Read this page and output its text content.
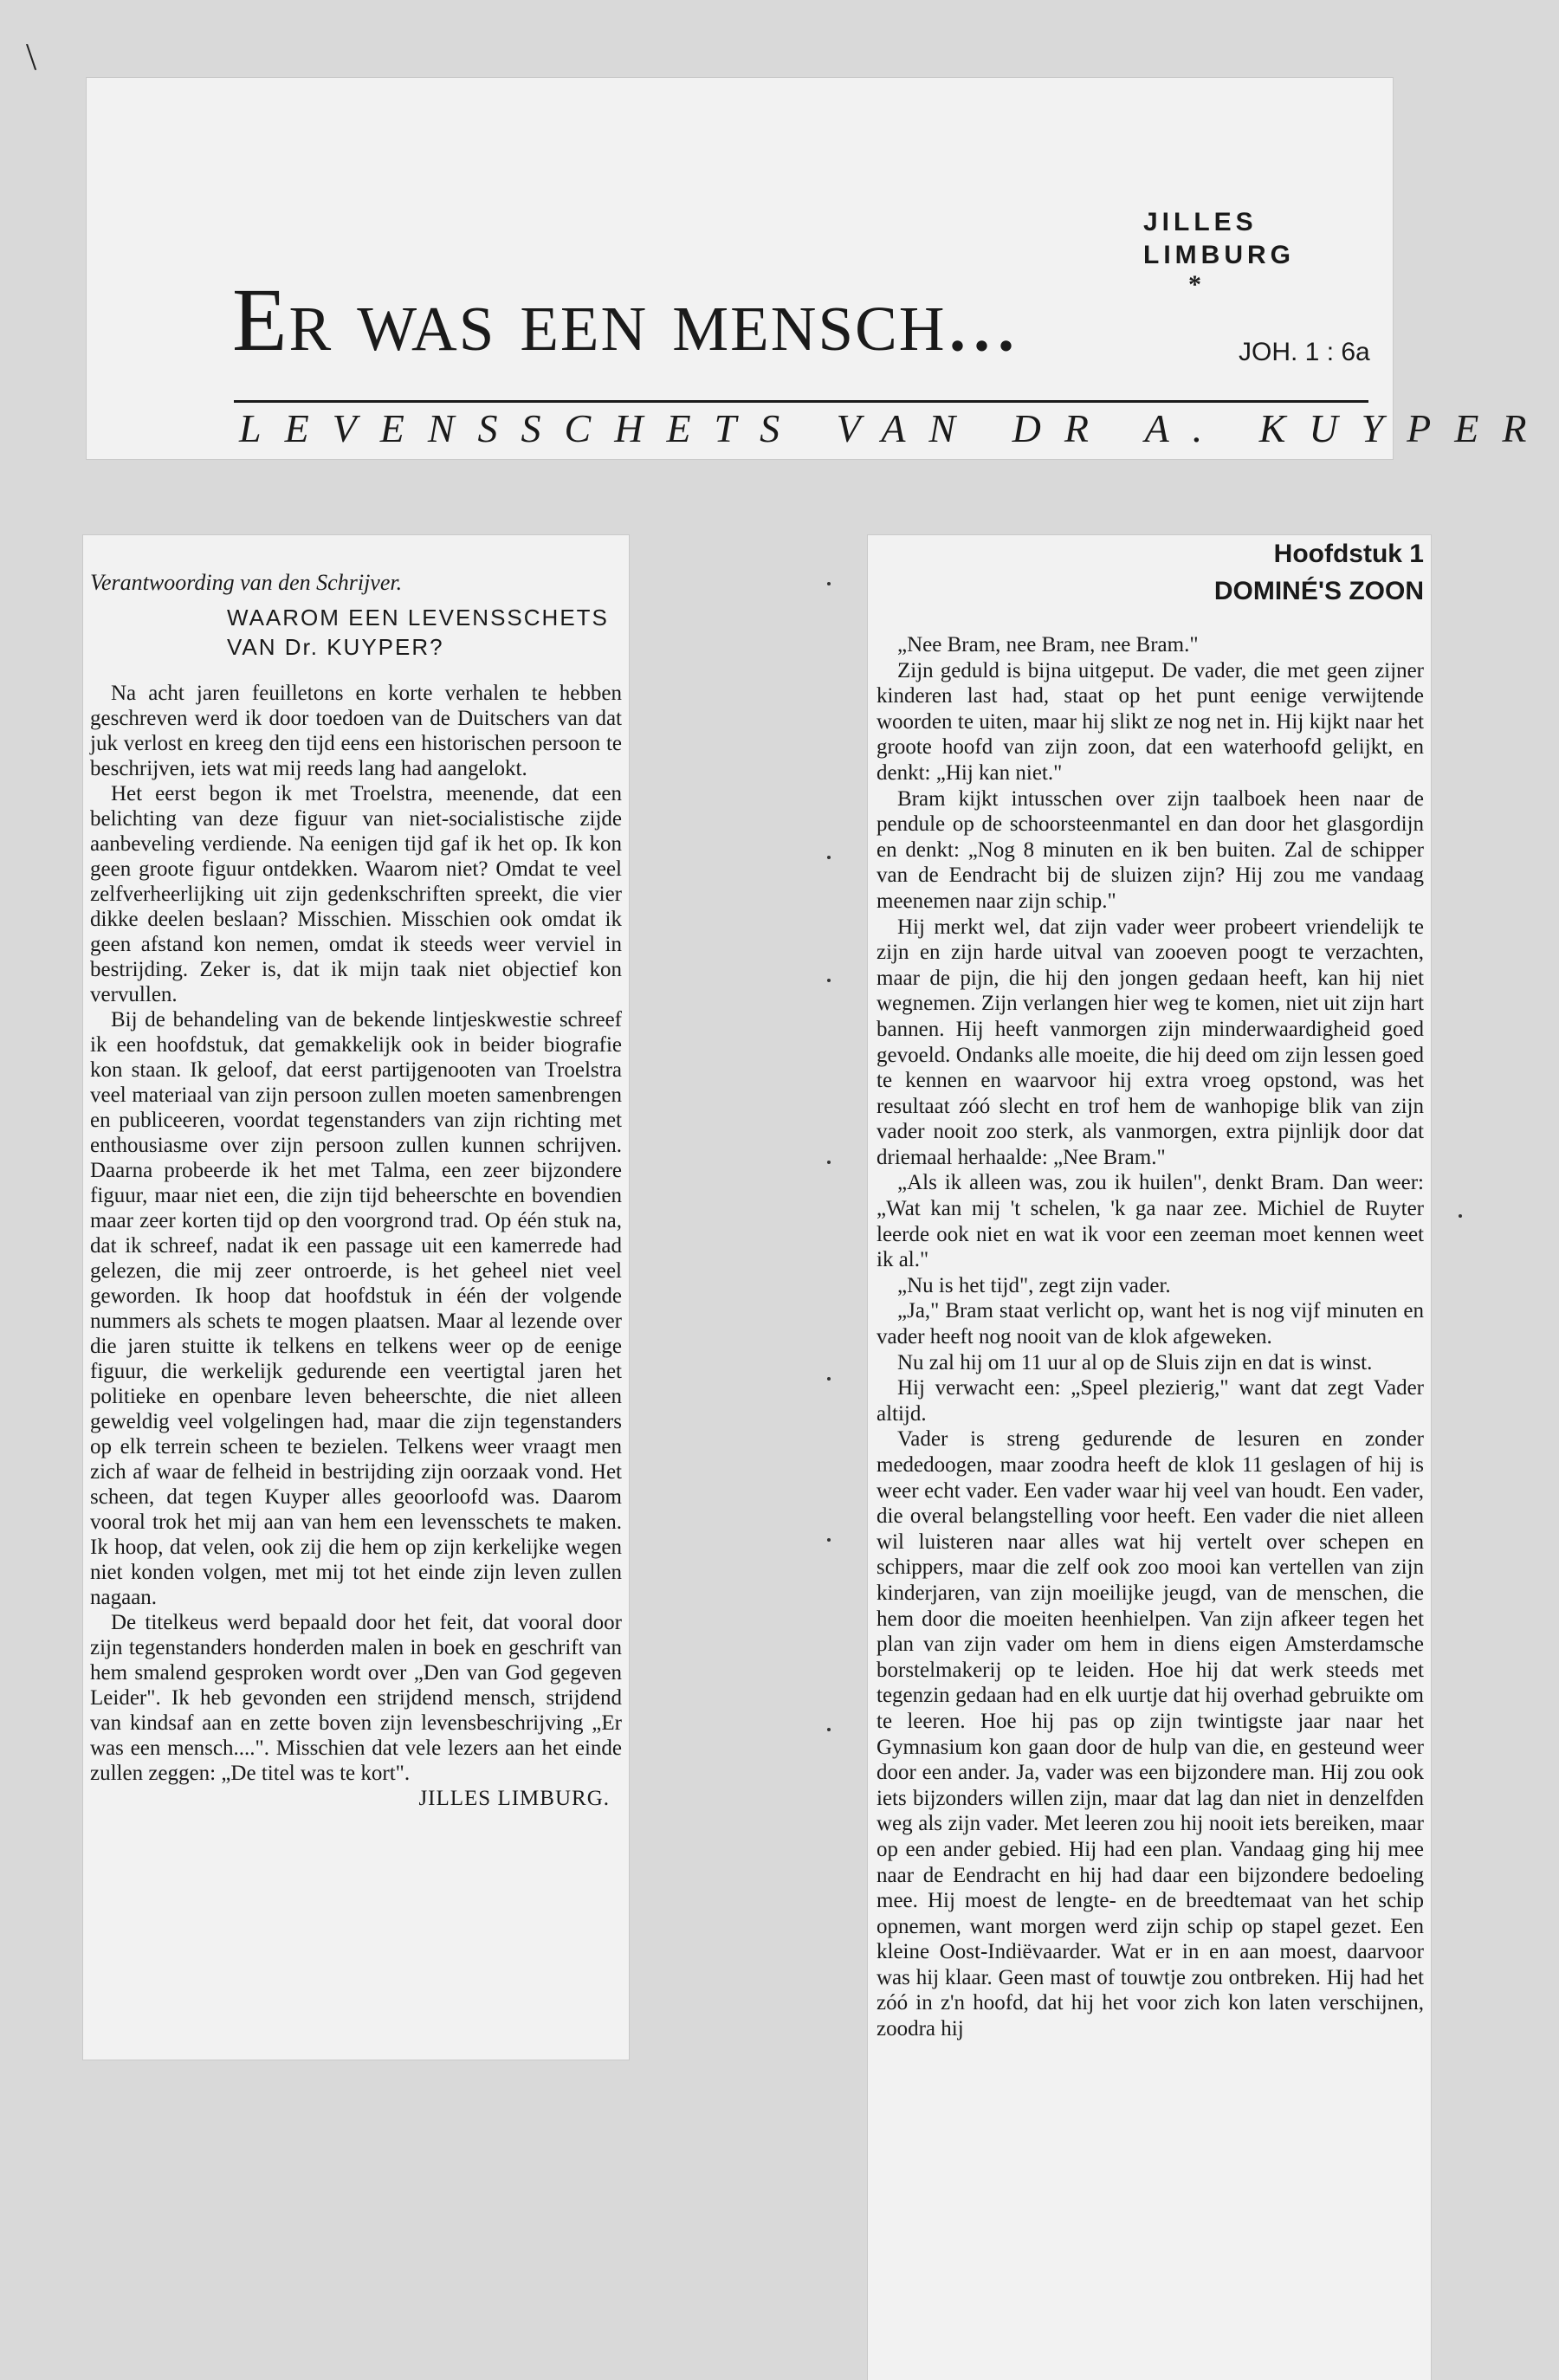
\
JILLES
LIMBURG
*
Er was een mensch...	JOH. 1 : 6a
LEVENSSCHETS VAN DR A. KUYPER
Verantwoording van den Schrijver.
WAAROM EEN LEVENSSCHETS
VAN Dr. KUYPER?

Na acht jaren feuilletons en korte verhalen te hebben geschreven werd ik door toedoen van de Duitschers van dat juk verlost en kreeg den tijd eens een historischen persoon te beschrijven, iets wat mij reeds lang had aangelokt.

Het eerst begon ik met Troelstra, meenende, dat een belichting van deze figuur van niet-socialistische zijde aanbeveling verdiende. Na eenigen tijd gaf ik het op. Ik kon geen groote figuur ontdekken. Waarom niet? Omdat te veel zelfverheerlijking uit zijn gedenkschriften spreekt, die vier dikke deelen beslaan? Misschien. Misschien ook omdat ik geen afstand kon nemen, omdat ik steeds weer verviel in bestrijding. Zeker is, dat ik mijn taak niet objectief kon vervullen.

Bij de behandeling van de bekende lintjeskwestie schreef ik een hoofdstuk, dat gemakkelijk ook in beider biografie kon staan. Ik geloof, dat eerst partijgenooten van Troelstra veel materiaal van zijn persoon zullen moeten samenbrengen en publiceeren, voordat tegenstanders van zijn richting met enthousiasme over zijn persoon zullen kunnen schrijven. Daarna probeerde ik het met Talma, een zeer bijzondere figuur, maar niet een, die zijn tijd beheerschte en bovendien maar zeer korten tijd op den voorgrond trad. Op één stuk na, dat ik schreef, nadat ik een passage uit een kamerrede had gelezen, die mij zeer ontroerde, is het geheel niet veel geworden. Ik hoop dat hoofdstuk in één der volgende nummers als schets te mogen plaatsen. Maar al lezende over die jaren stuitte ik telkens en telkens weer op de eenige figuur, die werkelijk gedurende een veertigtal jaren het politieke en openbare leven beheerschte, die niet alleen geweldig veel volgelingen had, maar die zijn tegenstanders op elk terrein scheen te bezielen. Telkens weer vraagt men zich af waar de felheid in bestrijding zijn oorzaak vond. Het scheen, dat tegen Kuyper alles geoorloofd was. Daarom vooral trok het mij aan van hem een levensschets te maken. Ik hoop, dat velen, ook zij die hem op zijn kerkelijke wegen niet konden volgen, met mij tot het einde zijn leven zullen nagaan.

De titelkeus werd bepaald door het feit, dat vooral door zijn tegenstanders honderden malen in boek en geschrift van hem smalend gesproken wordt over „Den van God gegeven Leider". Ik heb gevonden een strijdend mensch, strijdend van kindsaf aan en zette boven zijn levensbeschrijving „Er was een mensch....". Misschien dat vele lezers aan het einde zullen zeggen: „De titel was te kort".

JILLES LIMBURG.
Hoofdstuk 1
DOMINÉ'S ZOON

„Nee Bram, nee Bram, nee Bram."

Zijn geduld is bijna uitgeput. De vader, die met geen zijner kinderen last had, staat op het punt eenige verwijtende woorden te uiten, maar hij slikt ze nog net in. Hij kijkt naar het groote hoofd van zijn zoon, dat een waterhoofd gelijkt, en denkt: „Hij kan niet."

Bram kijkt intusschen over zijn taalboek heen naar de pendule op de schoorsteenmantel en dan door het glasgordijn en denkt: „Nog 8 minuten en ik ben buiten. Zal de schipper van de Eendracht bij de sluizen zijn? Hij zou me vandaag meenemen naar zijn schip."

Hij merkt wel, dat zijn vader weer probeert vriendelijk te zijn en zijn harde uitval van zooeven poogt te verzachten, maar de pijn, die hij den jongen gedaan heeft, kan hij niet wegnemen. Zijn verlangen hier weg te komen, niet uit zijn hart bannen. Hij heeft vanmorgen zijn minderwaardigheid goed gevoeld. Ondanks alle moeite, die hij deed om zijn lessen goed te kennen en waarvoor hij extra vroeg opstond, was het resultaat zóó slecht en trof hem de wanhopige blik van zijn vader nooit zoo sterk, als vanmorgen, extra pijnlijk door dat driemaal herhaalde: „Nee Bram."

„Als ik alleen was, zou ik huilen", denkt Bram. Dan weer: „Wat kan mij 't schelen, 'k ga naar zee. Michiel de Ruyter leerde ook niet en wat ik voor een zeeman moet kennen weet ik al."

„Nu is het tijd", zegt zijn vader.

„Ja," Bram staat verlicht op, want het is nog vijf minuten en vader heeft nog nooit van de klok afgeweken.

Nu zal hij om 11 uur al op de Sluis zijn en dat is winst.

Hij verwacht een: „Speel plezierig," want dat zegt Vader altijd.

Vader is streng gedurende de lesuren en zonder mededoogen, maar zoodra heeft de klok 11 geslagen of hij is weer echt vader. Een vader waar hij veel van houdt. Een vader, die overal belangstelling voor heeft. Een vader die niet alleen wil luisteren naar alles wat hij vertelt over schepen en schippers, maar die zelf ook zoo mooi kan vertellen van zijn kinderjaren, van zijn moeilijke jeugd, van de menschen, die hem door die moeiten heenhielpen. Van zijn afkeer tegen het plan van zijn vader om hem in diens eigen Amsterdamsche borstelmakerij op te leiden. Hoe hij dat werk steeds met tegenzin gedaan had en elk uurtje dat hij overhad gebruikte om te leeren. Hoe hij pas op zijn twintigste jaar naar het Gymnasium kon gaan door de hulp van die, en gesteund weer door een ander. Ja, vader was een bijzondere man. Hij zou ook iets bijzonders willen zijn, maar dat lag dan niet in denzelfden weg als zijn vader. Met leeren zou hij nooit iets bereiken, maar op een ander gebied. Hij had een plan. Vandaag ging hij mee naar de Eendracht en hij had daar een bijzondere bedoeling mee. Hij moest de lengte- en de breedtemaat van het schip opnemen, want morgen werd zijn schip op stapel gezet. Een kleine Oost-Indiëvaarder. Wat er in en aan moest, daarvoor was hij klaar. Geen mast of touwtje zou ontbreken. Hij had het zóó in z'n hoofd, dat hij het voor zich kon laten verschijnen, zoodra hij
